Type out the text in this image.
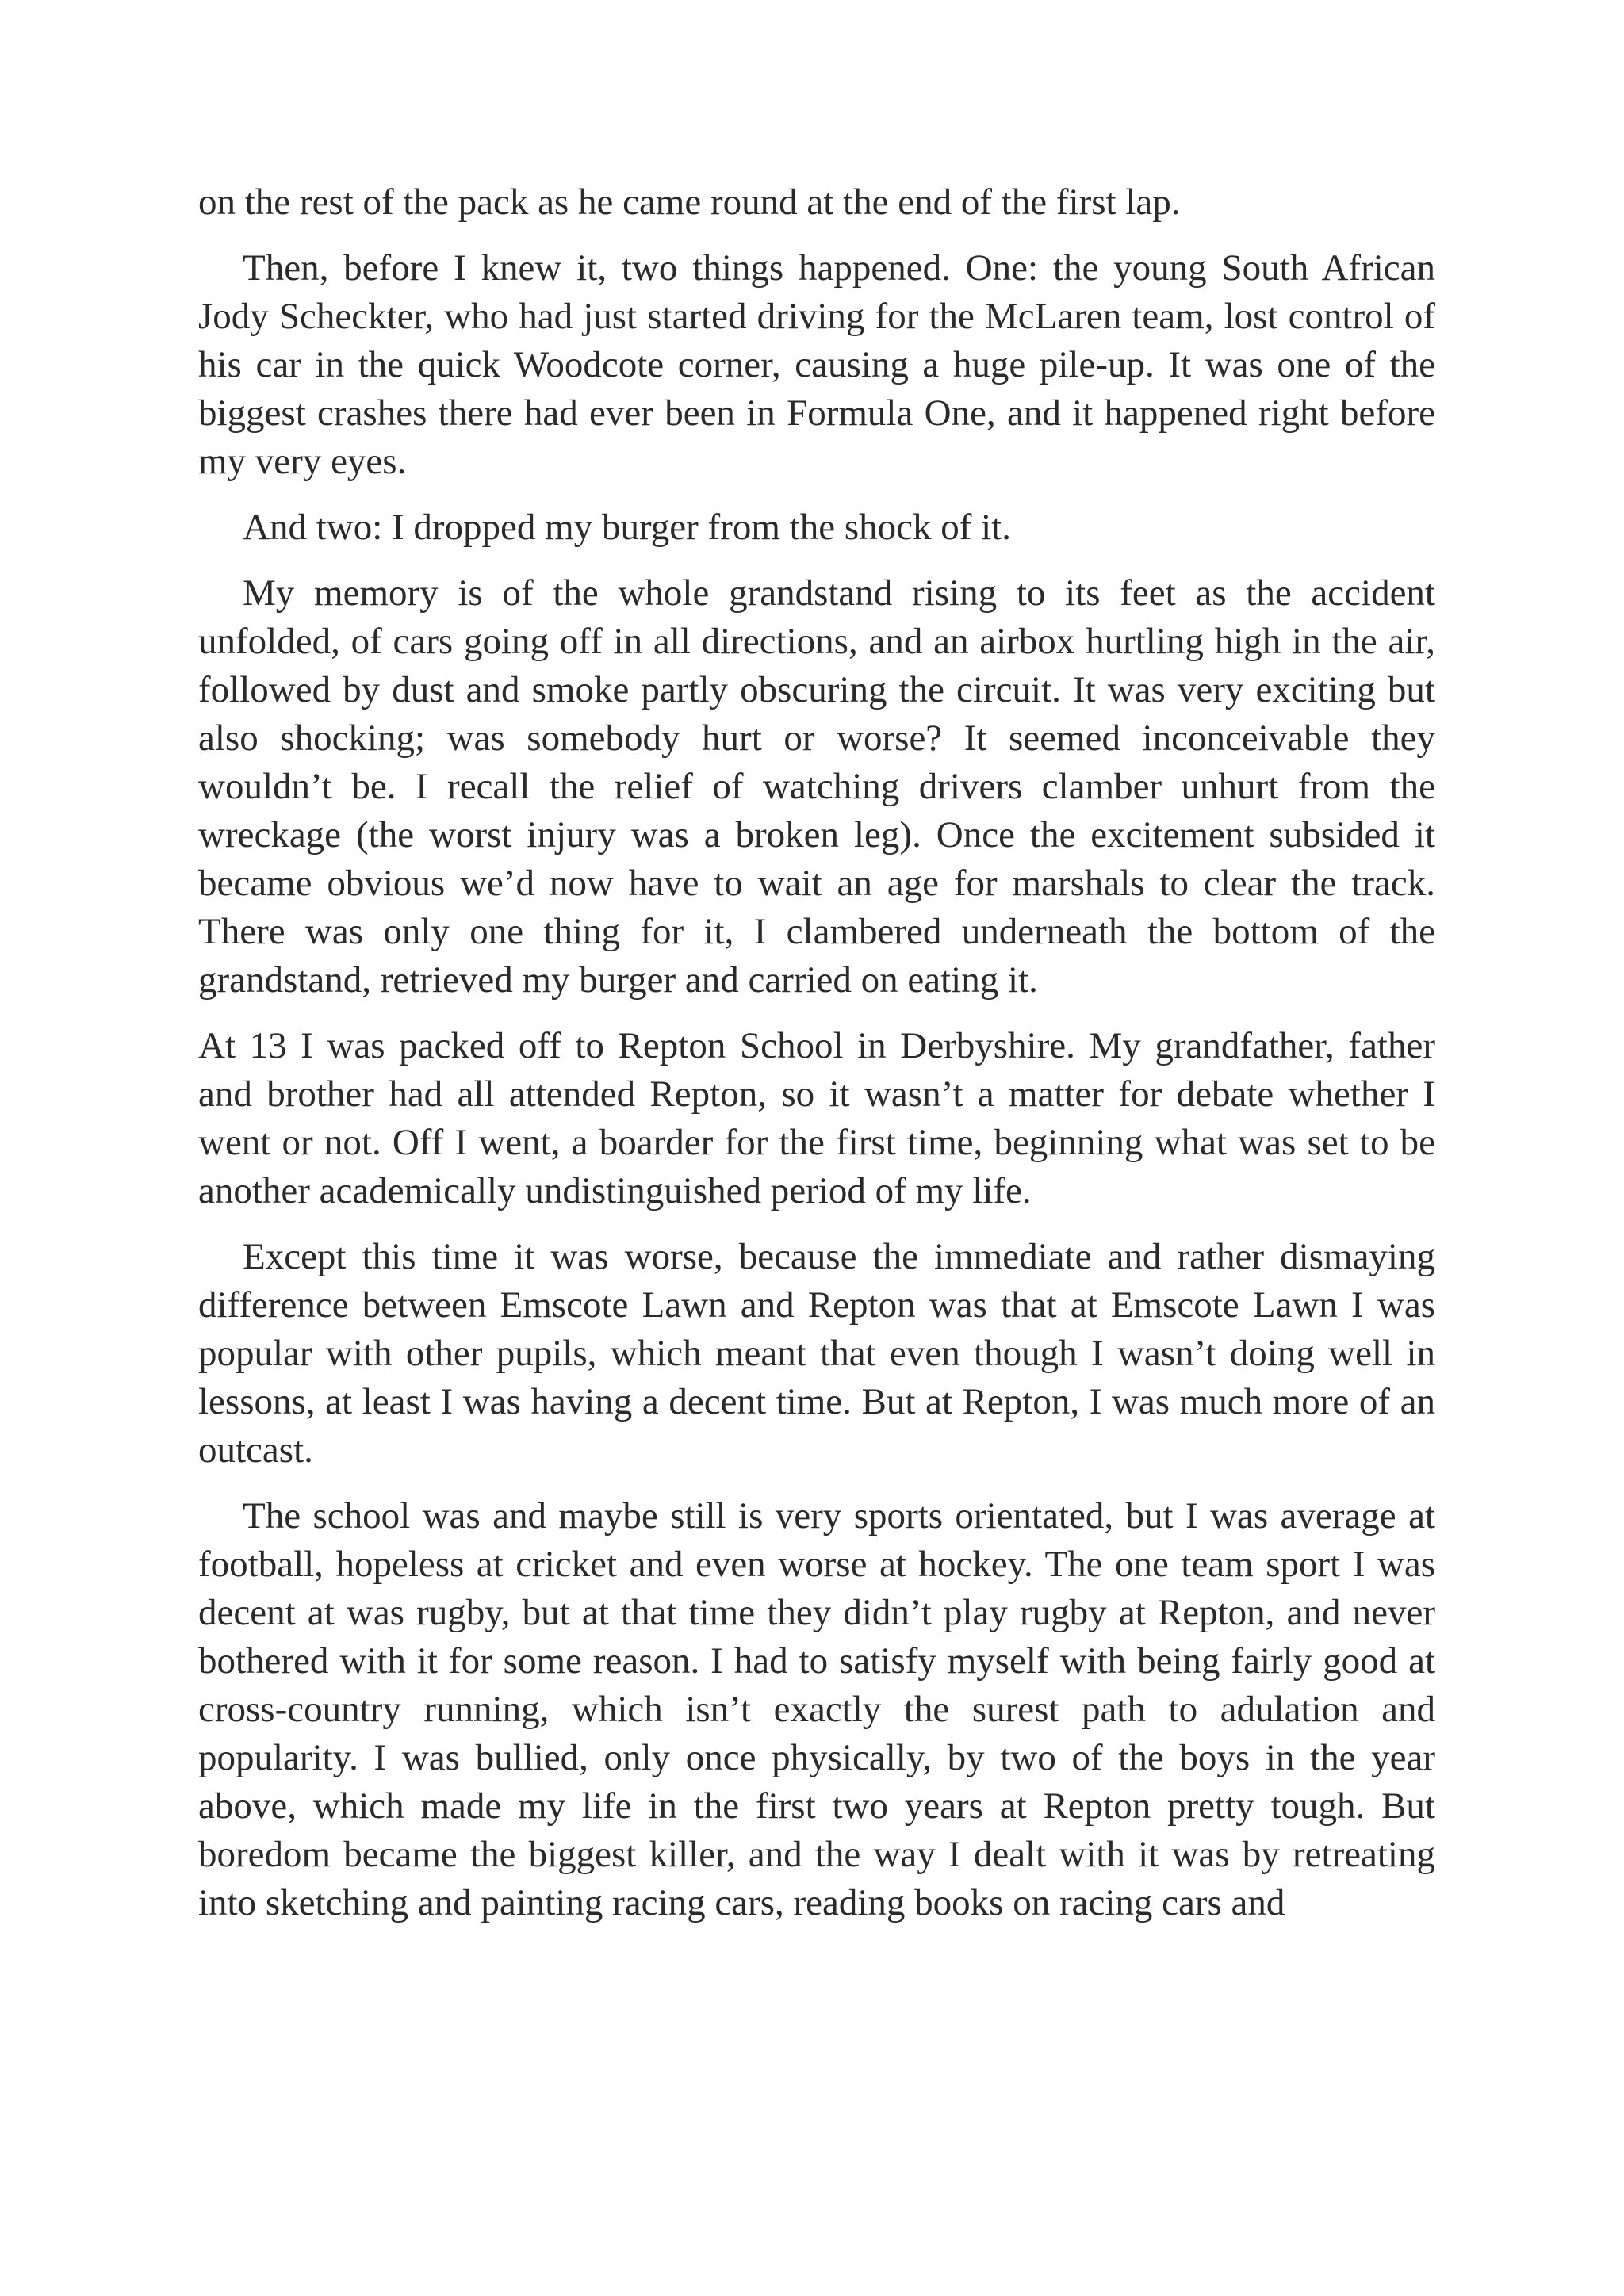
on the rest of the pack as he came round at the end of the first lap.

Then, before I knew it, two things happened. One: the young South African Jody Scheckter, who had just started driving for the McLaren team, lost control of his car in the quick Woodcote corner, causing a huge pile-up. It was one of the biggest crashes there had ever been in Formula One, and it happened right before my very eyes.

And two: I dropped my burger from the shock of it.

My memory is of the whole grandstand rising to its feet as the accident unfolded, of cars going off in all directions, and an airbox hurtling high in the air, followed by dust and smoke partly obscuring the circuit. It was very exciting but also shocking; was somebody hurt or worse? It seemed inconceivable they wouldn’t be. I recall the relief of watching drivers clamber unhurt from the wreckage (the worst injury was a broken leg). Once the excitement subsided it became obvious we’d now have to wait an age for marshals to clear the track. There was only one thing for it, I clambered underneath the bottom of the grandstand, retrieved my burger and carried on eating it.

At 13 I was packed off to Repton School in Derbyshire. My grandfather, father and brother had all attended Repton, so it wasn’t a matter for debate whether I went or not. Off I went, a boarder for the first time, beginning what was set to be another academically undistinguished period of my life.

Except this time it was worse, because the immediate and rather dismaying difference between Emscote Lawn and Repton was that at Emscote Lawn I was popular with other pupils, which meant that even though I wasn’t doing well in lessons, at least I was having a decent time. But at Repton, I was much more of an outcast.

The school was and maybe still is very sports orientated, but I was average at football, hopeless at cricket and even worse at hockey. The one team sport I was decent at was rugby, but at that time they didn’t play rugby at Repton, and never bothered with it for some reason. I had to satisfy myself with being fairly good at cross-country running, which isn’t exactly the surest path to adulation and popularity. I was bullied, only once physically, by two of the boys in the year above, which made my life in the first two years at Repton pretty tough. But boredom became the biggest killer, and the way I dealt with it was by retreating into sketching and painting racing cars, reading books on racing cars and
